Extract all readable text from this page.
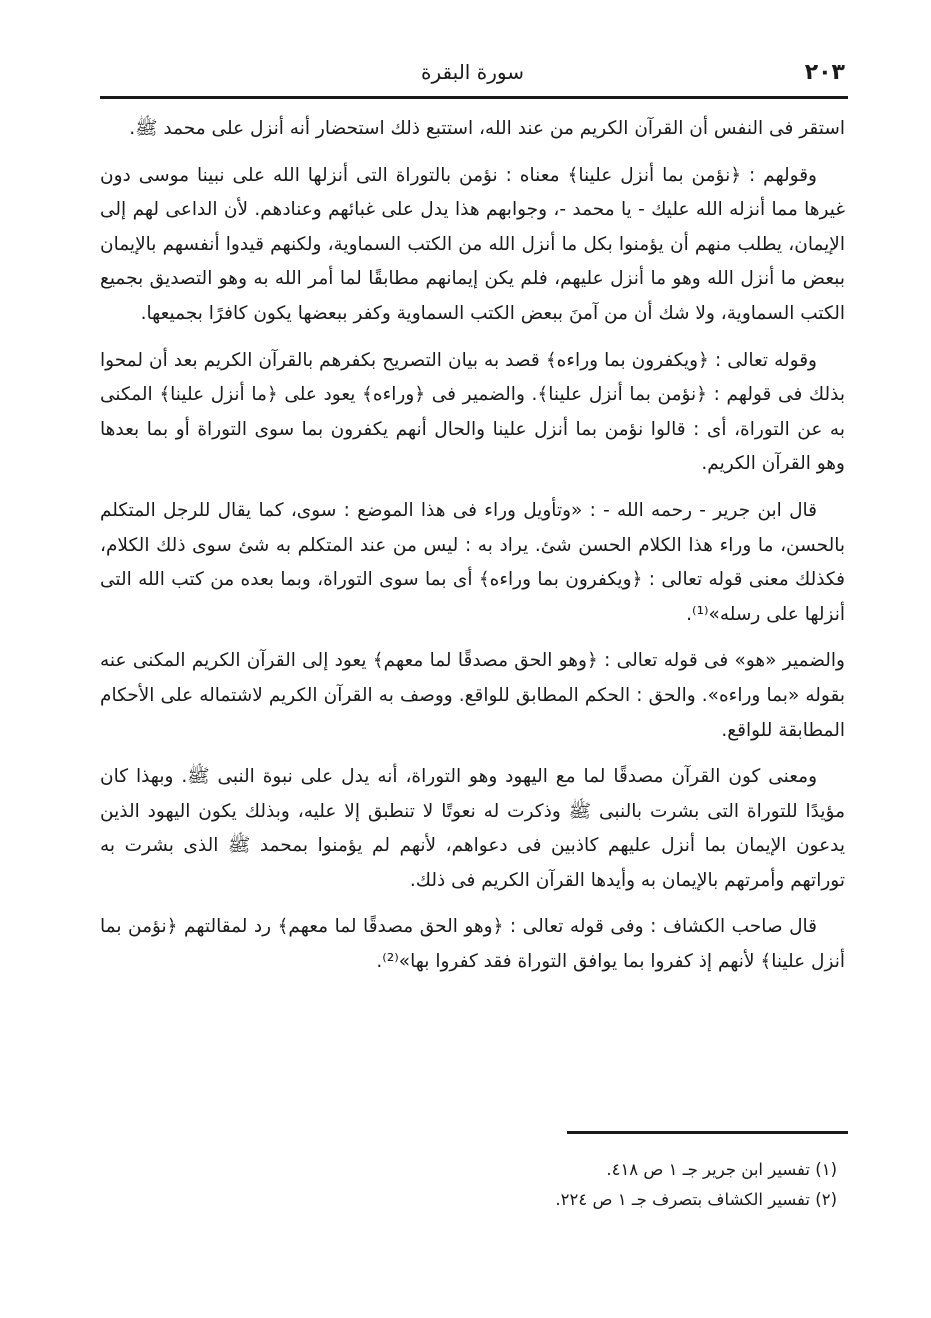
٢٠٣
سورة البقرة

استقر فى النفس أن القرآن الكريم من عند الله، استتبع ذلك استحضار أنه أنزل على محمد ﷺ.

وقولهم : ﴿نؤمن بما أنزل علينا﴾ معناه : نؤمن بالتوراة التى أنزلها الله على نبينا موسى دون غيرها مما أنزله الله عليك - يا محمد -، وجوابهم هذا يدل على غبائهم وعنادهم. لأن الداعى لهم إلى الإيمان، يطلب منهم أن يؤمنوا بكل ما أنزل الله من الكتب السماوية، ولكنهم قيدوا أنفسهم بالإيمان ببعض ما أنزل الله وهو ما أنزل عليهم، فلم يكن إيمانهم مطابقًا لما أمر الله به وهو التصديق بجميع الكتب السماوية، ولا شك أن من آمنَ ببعض الكتب السماوية وكفر ببعضها يكون كافرًا بجميعها.

وقوله تعالى : ﴿ويكفرون بما وراءه﴾ قصد به بيان التصريح بكفرهم بالقرآن الكريم بعد أن لمحوا بذلك فى قولهم : ﴿نؤمن بما أنزل علينا﴾. والضمير فى ﴿وراءه﴾ يعود على ﴿ما أنزل علينا﴾ المكنى به عن التوراة، أى : قالوا نؤمن بما أنزل علينا والحال أنهم يكفرون بما سوى التوراة أو بما بعدها وهو القرآن الكريم.

قال ابن جرير - رحمه الله - : «وتأويل وراء فى هذا الموضع : سوى، كما يقال للرجل المتكلم بالحسن، ما وراء هذا الكلام الحسن شئ. يراد به : ليس من عند المتكلم به شئ سوى ذلك الكلام، فكذلك معنى قوله تعالى : ﴿ويكفرون بما وراءه﴾ أى بما سوى التوراة، وبما بعده من كتب الله التى أنزلها على رسله»⁽¹⁾.

والضمير «هو» فى قوله تعالى : ﴿وهو الحق مصدقًا لما معهم﴾ يعود إلى القرآن الكريم المكنى عنه بقوله «بما وراءه». والحق : الحكم المطابق للواقع. ووصف به القرآن الكريم لاشتماله على الأحكام المطابقة للواقع.

ومعنى كون القرآن مصدقًا لما مع اليهود وهو التوراة، أنه يدل على نبوة النبى ﷺ. وبهذا كان مؤيدًا للتوراة التى بشرت بالنبى ﷺ وذكرت له نعوتًا لا تنطبق إلا عليه، وبذلك يكون اليهود الذين يدعون الإيمان بما أنزل عليهم كاذبين فى دعواهم، لأنهم لم يؤمنوا بمحمد ﷺ الذى بشرت به توراتهم وأمرتهم بالإيمان به وأيدها القرآن الكريم فى ذلك.

قال صاحب الكشاف : وفى قوله تعالى : ﴿وهو الحق مصدقًا لما معهم﴾ رد لمقالتهم ﴿نؤمن بما أنزل علينا﴾ لأنهم إذ كفروا بما يوافق التوراة فقد كفروا بها»⁽²⁾.

(١) تفسير ابن جرير جـ ١ ص ٤١٨.

(٢) تفسير الكشاف بتصرف جـ ١ ص ٢٢٤.
